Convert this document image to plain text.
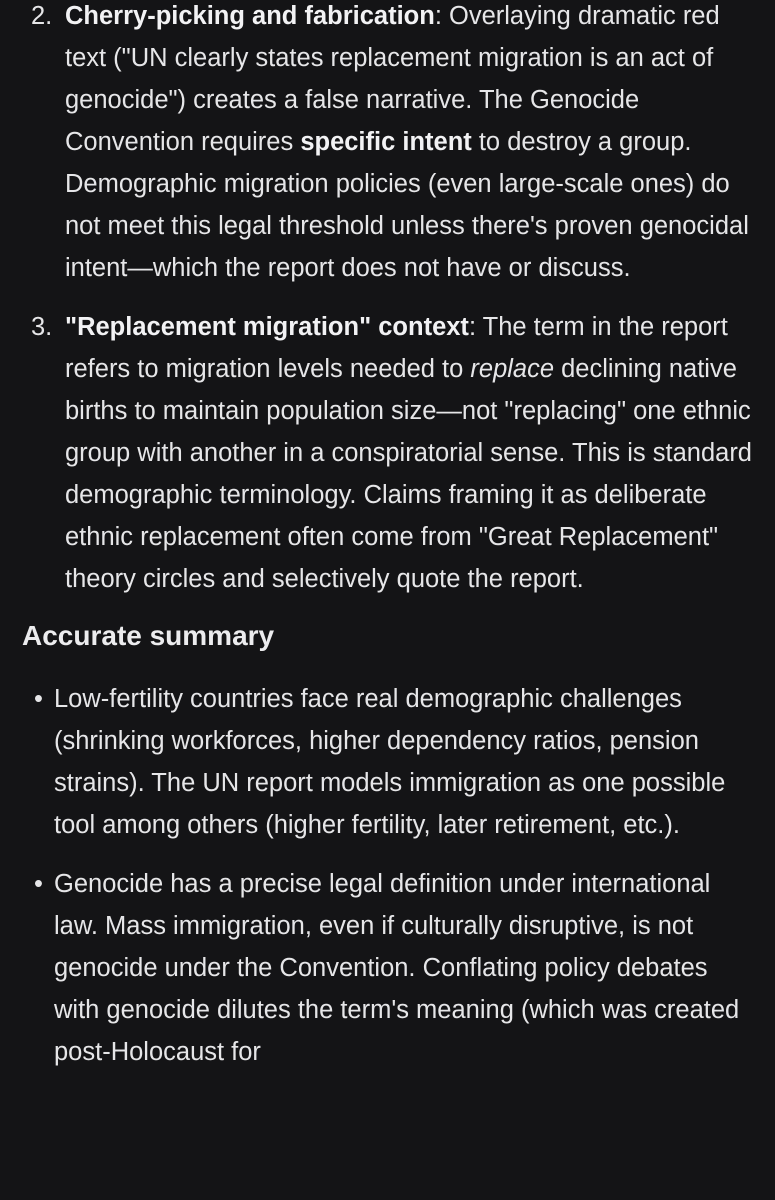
2. Cherry-picking and fabrication: Overlaying dramatic red text ("UN clearly states replacement migration is an act of genocide") creates a false narrative. The Genocide Convention requires specific intent to destroy a group. Demographic migration policies (even large-scale ones) do not meet this legal threshold unless there's proven genocidal intent—which the report does not have or discuss.
3. "Replacement migration" context: The term in the report refers to migration levels needed to replace declining native births to maintain population size—not "replacing" one ethnic group with another in a conspiratorial sense. This is standard demographic terminology. Claims framing it as deliberate ethnic replacement often come from "Great Replacement" theory circles and selectively quote the report.
Accurate summary
• Low-fertility countries face real demographic challenges (shrinking workforces, higher dependency ratios, pension strains). The UN report models immigration as one possible tool among others (higher fertility, later retirement, etc.).
• Genocide has a precise legal definition under international law. Mass immigration, even if culturally disruptive, is not genocide under the Convention. Conflating policy debates with genocide dilutes the term's meaning (which was created post-Holocaust for
